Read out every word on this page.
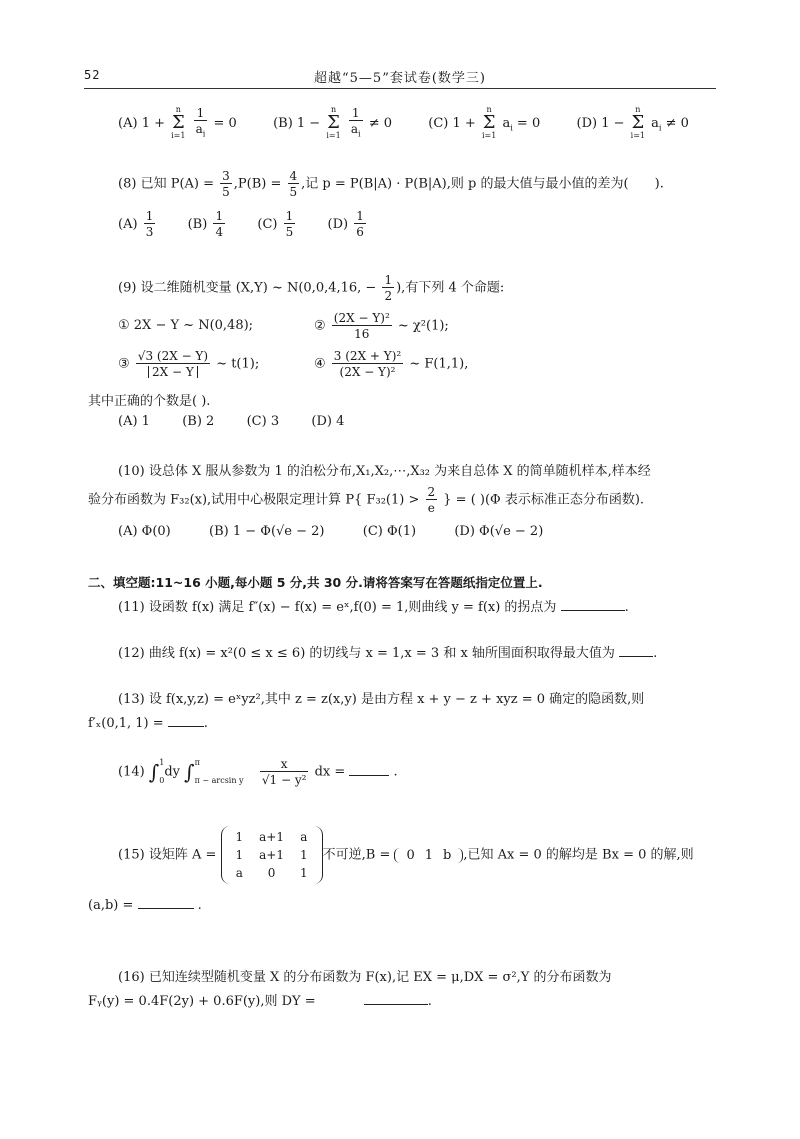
52	超越“5—5”套试卷(数学三)
(A) 1 +
n
Σ
i=1
$\frac{1}{a_i} = 0$	(B) 1 −
n
Σ
i=1
$\frac{1}{a_i} \ne 0$	(C) 1 +
n
Σ
i=1
$a_i = 0$	(D) 1 −
n
Σ
i=1
$a_i \ne 0$
(8) 已知 $P(A) = \frac{3}{5} ,P(B) = \frac{4}{5}$ ,记 p = P(B|A) · P(B|A),则 p 的最大值与最小值的差为( ).
$(A) \frac{1}{3} (B) \frac{1}{4} (C) \frac{1}{5} (D) \frac{1}{6}$
(9) 设二维随机变量 (X,Y) ~ N(0,0,4,16, − $\frac{1}{2}$ ),有下列 4 个命题:
① 2X − Y ~ N(0,48);	② $\frac{\text{(2X − Y)²}}{16}$ ~ χ²(1);
③ $\frac{√3 (2X - Y)}{2X - Y}$ ~ t(1);	④ $\frac{\text{3 (2X + Y)²}}{\text{(2X − Y)²}}$ ~ F(1,1),
其中正确的个数是( ).
(A) 1 (B) 2 (C) 3 (D) 4
(10) 设总体 X 服从参数为 1 的泊松分布,X₁,X₂,⋯,X₃₂ 为来自总体 X 的简单随机样本,样本经
验分布函数为 F₃₂(x),试用中心极限定理计算 P{ $F_{32}(1) > \frac{2}{e}$ } = ( )(Φ 表示标准正态分布函数).
(A) Φ(0)	(B) 1 − Φ(√e − 2)	(C) Φ(1)	(D) Φ(√e − 2)
二、填空题:11~16 小题,每小题 5 分,共 30 分.请将答案写在答题纸指定位置上.
(11) 设函数 f(x) 满足 f″(x) − f(x) = eˣ,f(0) = 1,则曲线 y = f(x) 的拐点为	.
(12) 曲线 f(x) = x²(0 ≤ x ≤ 6) 的切线与 x = 1,x = 3 和 x 轴所围面积取得最大值为	.
(13) 设 f(x,y,z) = eˣyz²,其中 z = z(x,y) 是由方程 x + y − z + xyz = 0 确定的隐函数,则
f′ₓ(0,1, 1) =	.
(14) ∫ 1
0
dy ∫ π
π − arcsin y
$\frac{x}{\text{√1 − y²}}$ dx =	.
(15) 设矩阵 A =
1	a+1	a
1	a+1	1
a	0	1
不可逆,B = 0 1 b ,已知 Ax = 0 的解均是 Bx = 0 的解,则
(a,b) =	.
(16) 已知连续型随机变量 X 的分布函数为 F(x),记 EX = μ,DX = σ²,Y 的分布函数为
Fᵧ(y) = 0.4F(2y) + 0.6F(y),则 DY =	.
